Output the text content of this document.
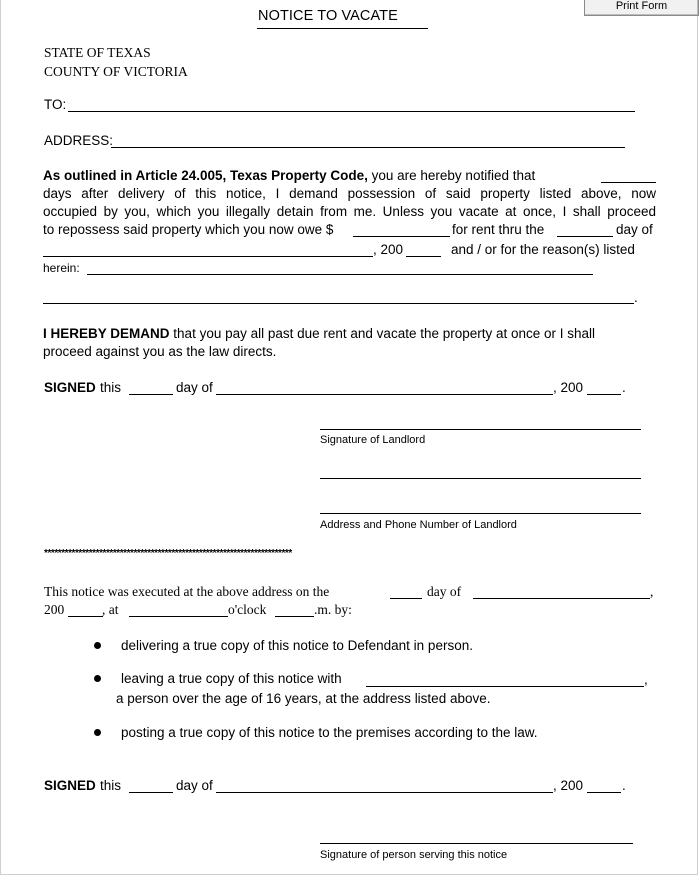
Print Form
NOTICE TO VACATE
STATE OF TEXAS
COUNTY OF VICTORIA
TO:
ADDRESS:
As outlined in Article 24.005, Texas Property Code, you are hereby notified that
days after delivery of this notice, I demand possession of said property listed above, now
occupied by you, which you illegally detain from me. Unless you vacate at once, I shall proceed
to repossess said property which you now owe $	for rent thru the	day of
, 200	and / or for the reason(s) listed
herein:
.
I HEREBY DEMAND that you pay all past due rent and vacate the property at once or I shall
proceed against you as the law directs.
SIGNED this	day of	, 200	.
Signature of Landlord
Address and Phone Number of Landlord
************************************************************************
This notice was executed at the above address on the	day of	,
200	, at	o'clock	.m. by:
delivering a true copy of this notice to Defendant in person.
leaving a true copy of this notice with	,
a person over the age of 16 years, at the address listed above.
posting a true copy of this notice to the premises according to the law.
SIGNED this	day of	, 200	.
Signature of person serving this notice
